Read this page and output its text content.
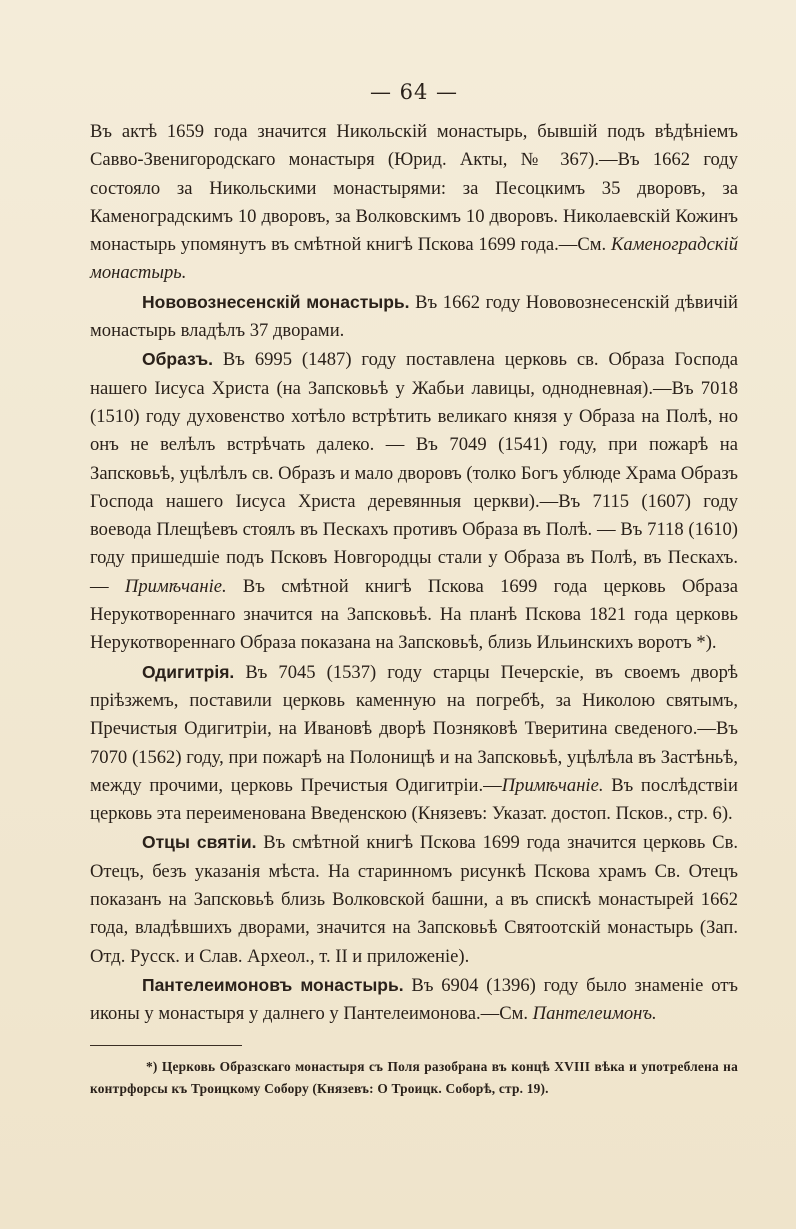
— 64 —

Въ актѣ 1659 года значится Никольскiй монастырь, бывшiй подъ вѣдѣнiемъ Савво-Звенигородскаго монастыря (Юрид. Акты, № 367).—Въ 1662 году состояло за Никольскими монастырями: за Песоцкимъ 35 дворовъ, за Каменоградскимъ 10 дворовъ, за Волковскимъ 10 дворовъ. Николаевскiй Кожинъ монастырь упомянутъ въ смѣтной книгѣ Пскова 1699 года.—См. Каменоградскiй монастырь.

Нововознесенскiй монастырь. Въ 1662 году Нововознесенскiй дѣвичiй монастырь владѣлъ 37 дворами.

Образъ. Въ 6995 (1487) году поставлена церковь св. Образа Господа нашего Iисуса Христа (на Запсковьѣ у Жабьи лавицы, однодневная).—Въ 7018 (1510) году духовенство хотѣло встрѣтить великаго князя у Образа на Полѣ, но онъ не велѣлъ встрѣчать далеко. — Въ 7049 (1541) году, при пожарѣ на Запсковьѣ, уцѣлѣлъ св. Образъ и мало дворовъ (толко Богъ ублюде Храма Образъ Господа нашего Iисуса Христа деревянныя церкви).—Въ 7115 (1607) году воевода Плещѣевъ стоялъ въ Пескахъ противъ Образа въ Полѣ. — Въ 7118 (1610) году пришедшiе подъ Псковъ Новгородцы стали у Образа въ Полѣ, въ Пескахъ. — Примѣчанiе. Въ смѣтной книгѣ Пскова 1699 года церковь Образа Нерукотвореннаго значится на Запсковьѣ. На планѣ Пскова 1821 года церковь Нерукотвореннаго Образа показана на Запсковьѣ, близь Ильинскихъ воротъ *).

Одигитрiя. Въ 7045 (1537) году старцы Печерскiе, въ своемъ дворѣ прiѣзжемъ, поставили церковь каменную на погребѣ, за Николою святымъ, Пречистыя Одигитрiи, на Ивановѣ дворѣ Позняковѣ Тверитина сведеного.—Въ 7070 (1562) году, при пожарѣ на Полонищѣ и на Запсковьѣ, уцѣлѣла въ Застѣньѣ, между прочими, церковь Пречистыя Одигитрiи.—Примѣчанiе. Въ послѣдствiи церковь эта переименована Введенскою (Князевъ: Указат. достоп. Псков., стр. 6).

Отцы святiи. Въ смѣтной книгѣ Пскова 1699 года значится церковь Св. Отецъ, безъ указанiя мѣста. На старинномъ рисункѣ Пскова храмъ Св. Отецъ показанъ на Запсковьѣ близь Волковской башни, а въ спискѣ монастырей 1662 года, владѣвшихъ дворами, значится на Запсковьѣ Святоотскiй монастырь (Зап. Отд. Русск. и Слав. Археол., т. II и приложенiе).

Пантелеимоновъ монастырь. Въ 6904 (1396) году было знаменiе отъ иконы у монастыря у далнего у Пантелеимонова.—См. Пантелеимонъ.

*) Церковь Образскаго монастыря съ Поля разобрана въ концѣ XVIII вѣка и употреблена на контрфорсы къ Троицкому Собору (Князевъ: О Троицк. Соборѣ, стр. 19).
